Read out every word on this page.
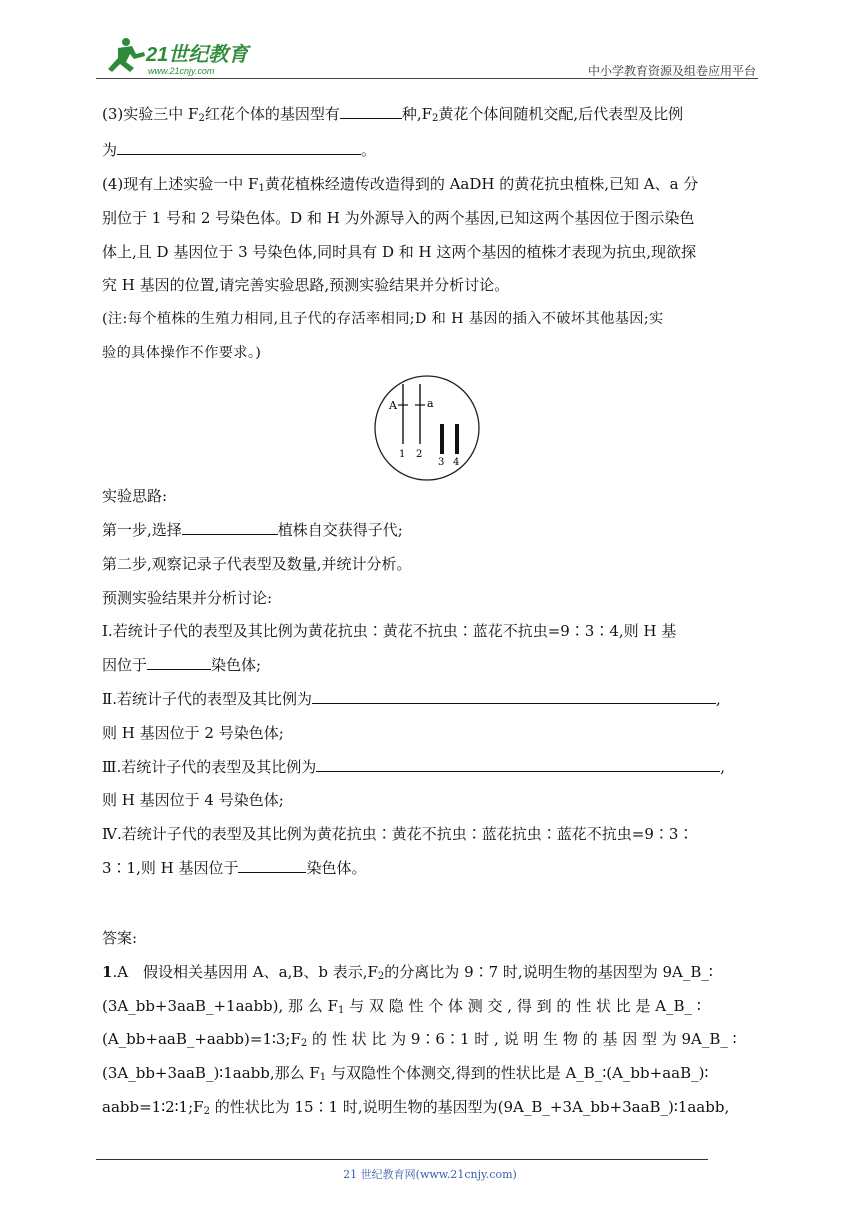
21世纪教育
www.21cnjy.com	中小学教育资源及组卷应用平台
(3)实验三中 $F_2$红花个体的基因型有	种$,F_2$黄花个体间随机交配,后代表型及比例
为	。
(4)现有上述实验一中 $F_1$黄花植株经遗传改造得到的 AaDH 的黄花抗虫植株,已知 A、a 分
别位于 1 号和 2 号染色体。D 和 H 为外源导入的两个基因,已知这两个基因位于图示染色
体上,且 D 基因位于 3 号染色体,同时具有 D 和 H 这两个基因的植株才表现为抗虫,现欲探
究 H 基因的位置,请完善实验思路,预测实验结果并分析讨论。
(注:每个植株的生殖力相同,且子代的存活率相同;D 和 H 基因的插入不破坏其他基因;实
验的具体操作不作要求。)
实验思路:
第一步,选择	植株自交获得子代;
第二步,观察记录子代表型及数量,并统计分析。
预测实验结果并分析讨论:
Ⅰ.若统计子代的表型及其比例为黄花抗虫∶黄花不抗虫∶蓝花不抗虫=9∶3∶4,则 H 基
因位于	染色体;
Ⅱ.若统计子代的表型及其比例为	,
则 H 基因位于 2 号染色体;
Ⅲ.若统计子代的表型及其比例为	,
则 H 基因位于 4 号染色体;
Ⅳ.若统计子代的表型及其比例为黄花抗虫∶黄花不抗虫∶蓝花抗虫∶蓝花不抗虫=9∶3∶
3∶1,则 H 基因位于	染色体。
答案:
1.A　假设相关基因用 A、a,B、b 表示$,F_2$的分离比为 9∶7 时,说明生物的基因型为 9A_B_∶
(3A_bb+3aaB_+1aabb), 那 么 $F_1$ 与 双 隐 性 个 体 测 交 , 得 到 的 性 状 比 是 A_B_ ∶
$(A\_bb+aaB\_+aabb)=1∶3;F_2$ 的 性 状 比 为 9∶6∶1 时 , 说 明 生 物 的 基 因 型 为 9A_B_ ∶
(3A_bb+3aaB_)∶1aabb,那么 $F_1$ 与双隐性个体测交,得到的性状比是 A_B_∶(A_bb+aaB_)∶
$aabb=1∶2∶1;F_2$ 的性状比为 15∶1 时,说明生物的基因型为(9A_B_+3A_bb+3aaB_)∶1aabb,
A	a
1 2
3 4
21 世纪教育网(www.21cnjy.com)
